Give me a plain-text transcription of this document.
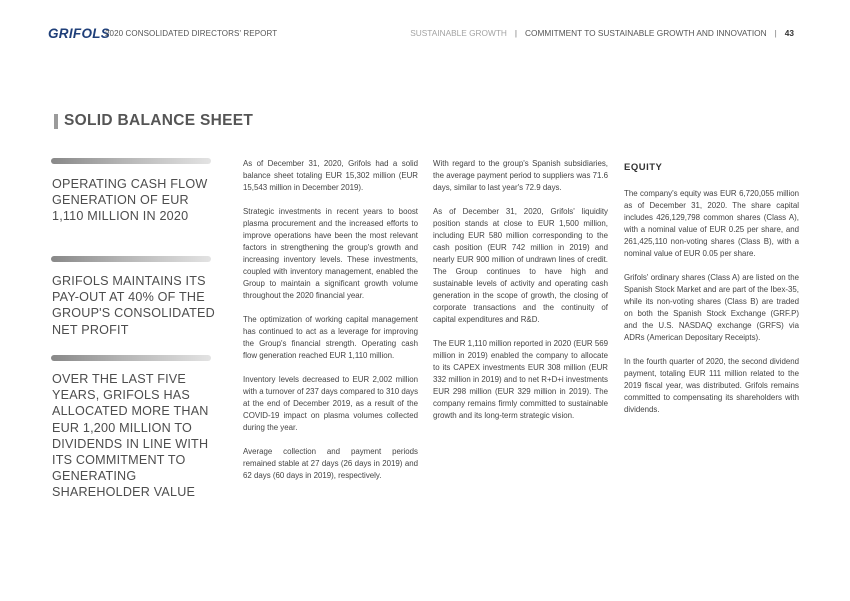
GRIFOLS
2020 CONSOLIDATED DIRECTORS' REPORT	SUSTAINABLE GROWTH | COMMITMENT TO SUSTAINABLE GROWTH AND INNOVATION | 43
SOLID BALANCE SHEET
OPERATING CASH FLOW GENERATION OF EUR 1,110 MILLION IN 2020
GRIFOLS MAINTAINS ITS PAY-OUT AT 40% OF THE GROUP'S CONSOLIDATED NET PROFIT
OVER THE LAST FIVE YEARS, GRIFOLS HAS ALLOCATED MORE THAN EUR 1,200 MILLION TO DIVIDENDS IN LINE WITH ITS COMMITMENT TO GENERATING SHAREHOLDER VALUE

As of December 31, 2020, Grifols had a solid balance sheet totaling EUR 15,302 million (EUR 15,543 million in December 2019).

Strategic investments in recent years to boost plasma procurement and the increased efforts to improve operations have been the most relevant factors in strengthening the group's growth and increasing inventory levels. These investments, coupled with inventory management, enabled the Group to maintain a significant growth volume throughout the 2020 financial year.

The optimization of working capital management has continued to act as a leverage for improving the Group's financial strength. Operating cash flow generation reached EUR 1,110 million.

Inventory levels decreased to EUR 2,002 million with a turnover of 237 days compared to 310 days at the end of December 2019, as a result of the COVID-19 impact on plasma volumes collected during the year.

Average collection and payment periods remained stable at 27 days (26 days in 2019) and 62 days (60 days in 2019), respectively.

With regard to the group's Spanish subsidiaries, the average payment period to suppliers was 71.6 days, similar to last year's 72.9 days.

As of December 31, 2020, Grifols' liquidity position stands at close to EUR 1,500 million, including EUR 580 million corresponding to the cash position (EUR 742 million in 2019) and nearly EUR 900 million of undrawn lines of credit. The Group continues to have high and sustainable levels of activity and operating cash generation in the scope of growth, the closing of corporate transactions and the continuity of capital expenditures and R&D.

The EUR 1,110 million reported in 2020 (EUR 569 million in 2019) enabled the company to allocate to its CAPEX investments EUR 308 million (EUR 332 million in 2019) and to net R+D+i investments EUR 298 million (EUR 329 million in 2019). The company remains firmly committed to sustainable growth and its long-term strategic vision.

EQUITY

The company's equity was EUR 6,720,055 million as of December 31, 2020. The share capital includes 426,129,798 common shares (Class A), with a nominal value of EUR 0.25 per share, and 261,425,110 non-voting shares (Class B), with a nominal value of EUR 0.05 per share.

Grifols' ordinary shares (Class A) are listed on the Spanish Stock Market and are part of the Ibex-35, while its non-voting shares (Class B) are traded on both the Spanish Stock Exchange (GRF.P) and the U.S. NASDAQ exchange (GRFS) via ADRs (American Depositary Receipts).

In the fourth quarter of 2020, the second dividend payment, totaling EUR 111 million related to the 2019 fiscal year, was distributed. Grifols remains committed to compensating its shareholders with dividends.
